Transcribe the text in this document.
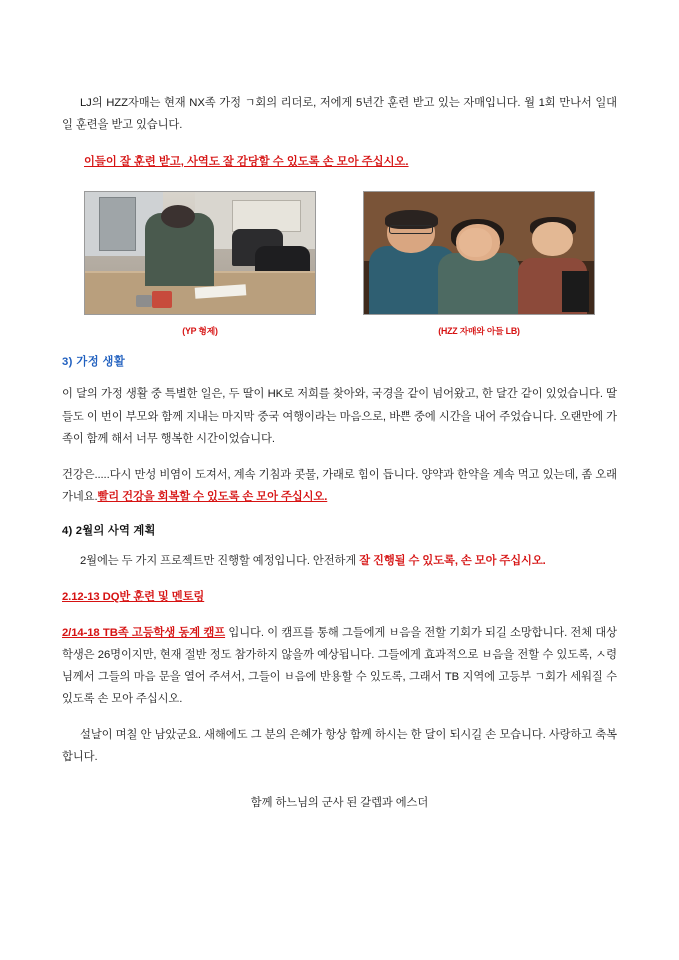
LJ의 HZZ자매는 현재 NX족 가정 ㄱ회의 리더로, 저에게 5년간 훈련 받고 있는 자매입니다. 월 1회 만나서 일대일 훈련을 받고 있습니다.

이들이 잘 훈련 받고, 사역도 잘 감당할 수 있도록 손 모아 주십시오.
(YP 형제)	(HZZ 자매와 아들 LB)
3) 가정 생활

이 달의 가정 생활 중 특별한 일은, 두 딸이 HK로 저희를 찾아와, 국경을 같이 넘어왔고, 한 달간 같이 있었습니다. 딸들도 이 번이 부모와 함께 지내는 마지막 중국 여행이라는 마음으로, 바쁜 중에 시간을 내어 주었습니다. 오랜만에 가족이 함께 해서 너무 행복한 시간이었습니다.

건강은.....다시 만성 비염이 도져서, 계속 기침과 콧물, 가래로 힘이 듭니다. 양약과 한약을 계속 먹고 있는데, 좀 오래가네요.빨리 건강을 회복할 수 있도록 손 모아 주십시오.

4) 2월의 사역 계획

2월에는 두 가지 프로젝트만 진행할 예정입니다. 안전하게 잘 진행될 수 있도록, 손 모아 주십시오.

2.12-13 DQ반 훈련 및 멘토링

2/14-18 TB족 고등학생 동계 캠프 입니다. 이 캠프를 통해 그들에게 ㅂ음을 전할 기회가 되길 소망합니다. 전체 대상 학생은 26명이지만, 현재 절반 정도 참가하지 않을까 예상됩니다. 그들에게 효과적으로 ㅂ음을 전할 수 있도록, ㅅ령님께서 그들의 마음 문을 열어 주셔서, 그들이 ㅂ음에 반용할 수 있도록, 그래서 TB 지역에 고등부 ㄱ회가 세워질 수 있도록 손 모아 주십시오.

설날이 며칠 안 남았군요. 새해에도 그 분의 은혜가 항상 함께 하시는 한 달이 되시길 손 모습니다. 사랑하고 축복합니다.

함께 하느님의 군사 된 갈렙과 에스더
